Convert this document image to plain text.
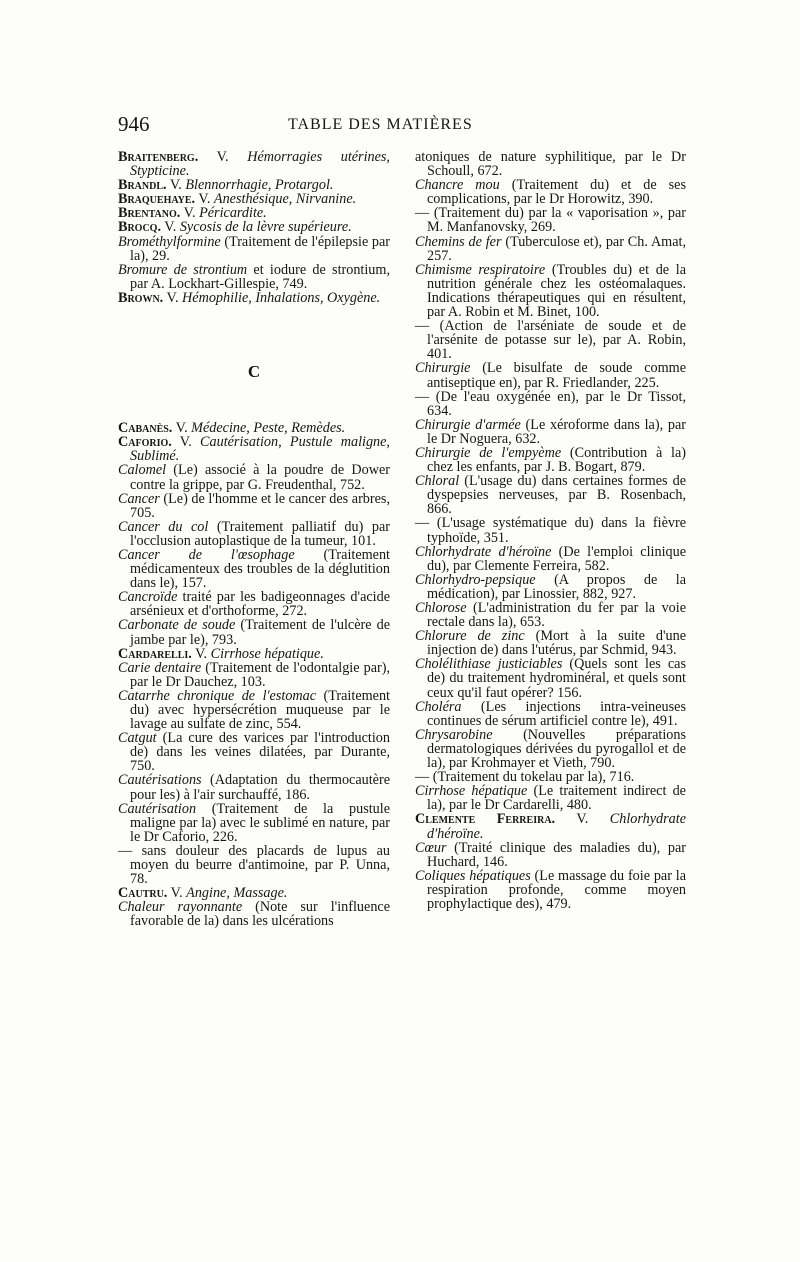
946	TABLE DES MATIÈRES

Braitenberg. V. Hémorragies utérines, Stypticine.

Brandl. V. Blennorrhagie, Protargol.

Braquehaye. V. Anesthésique, Nirvanine.

Brentano. V. Péricardite.

Brocq. V. Sycosis de la lèvre supérieure.

Brométhylformine (Traitement de l'épilepsie par la), 29.

Bromure de strontium et iodure de strontium, par A. Lockhart-Gillespie, 749.

Brown. V. Hémophilie, Inhalations, Oxygène.

C

Cabanès. V. Médecine, Peste, Remèdes.

Caforio. V. Cautérisation, Pustule maligne, Sublimé.

Calomel (Le) associé à la poudre de Dower contre la grippe, par G. Freudenthal, 752.

Cancer (Le) de l'homme et le cancer des arbres, 705.

Cancer du col (Traitement palliatif du) par l'occlusion autoplastique de la tumeur, 101.

Cancer de l'œsophage (Traitement médicamenteux des troubles de la déglutition dans le), 157.

Cancroïde traité par les badigeonnages d'acide arsénieux et d'orthoforme, 272.

Carbonate de soude (Traitement de l'ulcère de jambe par le), 793.

Cardarelli. V. Cirrhose hépatique.

Carie dentaire (Traitement de l'odontalgie par), par le Dr Dauchez, 103.

Catarrhe chronique de l'estomac (Traitement du) avec hypersécrétion muqueuse par le lavage au sulfate de zinc, 554.

Catgut (La cure des varices par l'introduction de) dans les veines dilatées, par Durante, 750.

Cautérisations (Adaptation du thermocautère pour les) à l'air surchauffé, 186.

Cautérisation (Traitement de la pustule maligne par la) avec le sublimé en nature, par le Dr Caforio, 226.

— sans douleur des placards de lupus au moyen du beurre d'antimoine, par P. Unna, 78.

Cautru. V. Angine, Massage.

Chaleur rayonnante (Note sur l'influence favorable de la) dans les ulcérations

atoniques de nature syphilitique, par le Dr Schoull, 672.

Chancre mou (Traitement du) et de ses complications, par le Dr Horowitz, 390.

— (Traitement du) par la « vaporisation », par M. Manfanovsky, 269.

Chemins de fer (Tuberculose et), par Ch. Amat, 257.

Chimisme respiratoire (Troubles du) et de la nutrition générale chez les ostéomalaques. Indications thérapeutiques qui en résultent, par A. Robin et M. Binet, 100.

— (Action de l'arséniate de soude et de l'arsénite de potasse sur le), par A. Robin, 401.

Chirurgie (Le bisulfate de soude comme antiseptique en), par R. Friedlander, 225.

— (De l'eau oxygénée en), par le Dr Tissot, 634.

Chirurgie d'armée (Le xéroforme dans la), par le Dr Noguera, 632.

Chirurgie de l'empyème (Contribution à la) chez les enfants, par J. B. Bogart, 879.

Chloral (L'usage du) dans certaines formes de dyspepsies nerveuses, par B. Rosenbach, 866.

— (L'usage systématique du) dans la fièvre typhoïde, 351.

Chlorhydrate d'héroïne (De l'emploi clinique du), par Clemente Ferreira, 582.

Chlorhydro-pepsique (A propos de la médication), par Linossier, 882, 927.

Chlorose (L'administration du fer par la voie rectale dans la), 653.

Chlorure de zinc (Mort à la suite d'une injection de) dans l'utérus, par Schmid, 943.

Cholélithiase justiciables (Quels sont les cas de) du traitement hydrominéral, et quels sont ceux qu'il faut opérer? 156.

Choléra (Les injections intra-veineuses continues de sérum artificiel contre le), 491.

Chrysarobine (Nouvelles préparations dermatologiques dérivées du pyrogallol et de la), par Krohmayer et Vieth, 790.

— (Traitement du tokelau par la), 716.

Cirrhose hépatique (Le traitement indirect de la), par le Dr Cardarelli, 480.

Clemente Ferreira. V. Chlorhydrate d'héroïne.

Cœur (Traité clinique des maladies du), par Huchard, 146.

Coliques hépatiques (Le massage du foie par la respiration profonde, comme moyen prophylactique des), 479.
